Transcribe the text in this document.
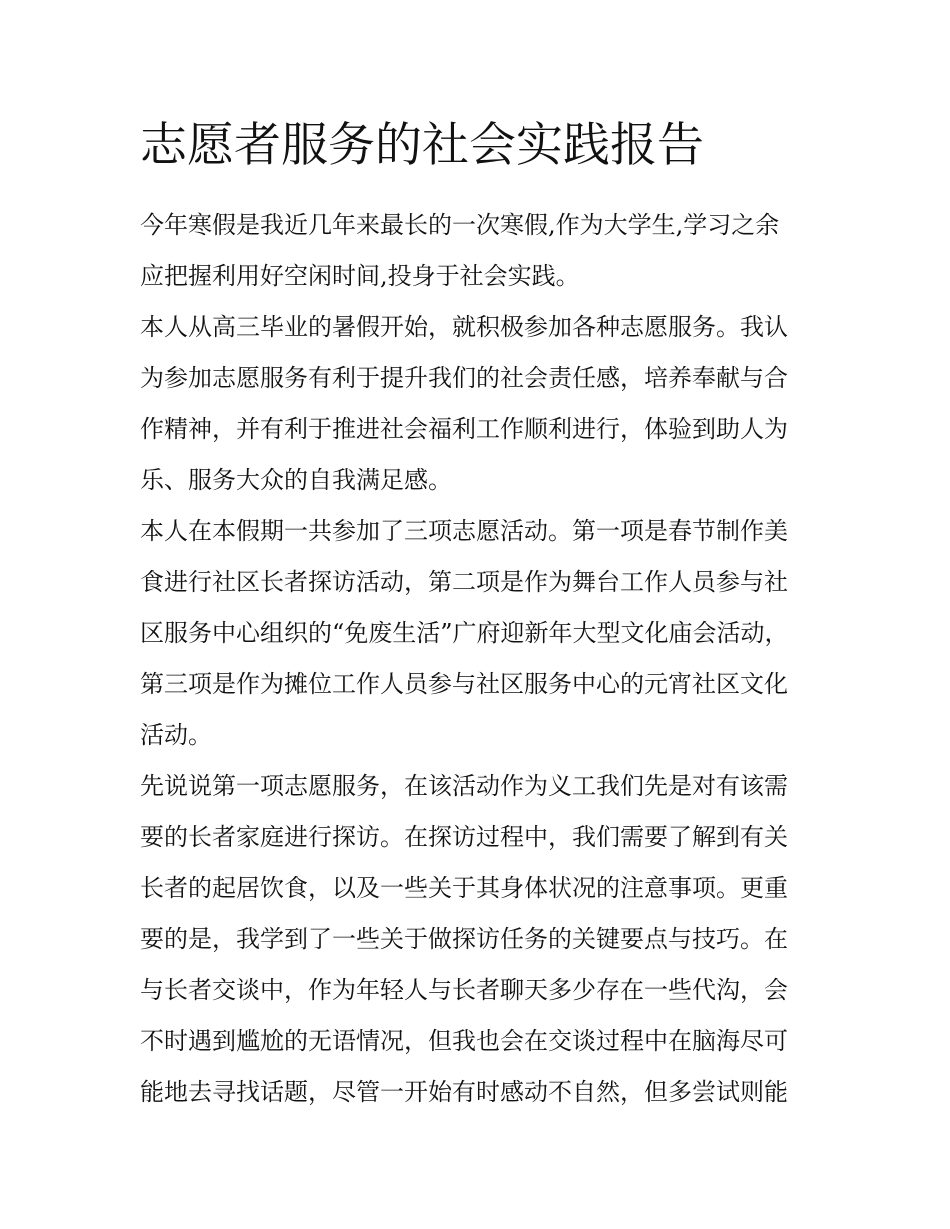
志愿者服务的社会实践报告
今年寒假是我近几年来最长的一次寒假,作为大学生,学习之余
应把握利用好空闲时间,投身于社会实践。
本人从高三毕业的暑假开始，就积极参加各种志愿服务。我认
为参加志愿服务有利于提升我们的社会责任感，培养奉献与合
作精神，并有利于推进社会福利工作顺利进行，体验到助人为
乐、服务大众的自我满足感。
本人在本假期一共参加了三项志愿活动。第一项是春节制作美
食进行社区长者探访活动，第二项是作为舞台工作人员参与社
区服务中心组织的“免废生活”广府迎新年大型文化庙会活动，
第三项是作为摊位工作人员参与社区服务中心的元宵社区文化
活动。
先说说第一项志愿服务，在该活动作为义工我们先是对有该需
要的长者家庭进行探访。在探访过程中，我们需要了解到有关
长者的起居饮食，以及一些关于其身体状况的注意事项。更重
要的是，我学到了一些关于做探访任务的关键要点与技巧。在
与长者交谈中，作为年轻人与长者聊天多少存在一些代沟，会
不时遇到尴尬的无语情况，但我也会在交谈过程中在脑海尽可
能地去寻找话题，尽管一开始有时感动不自然，但多尝试则能
